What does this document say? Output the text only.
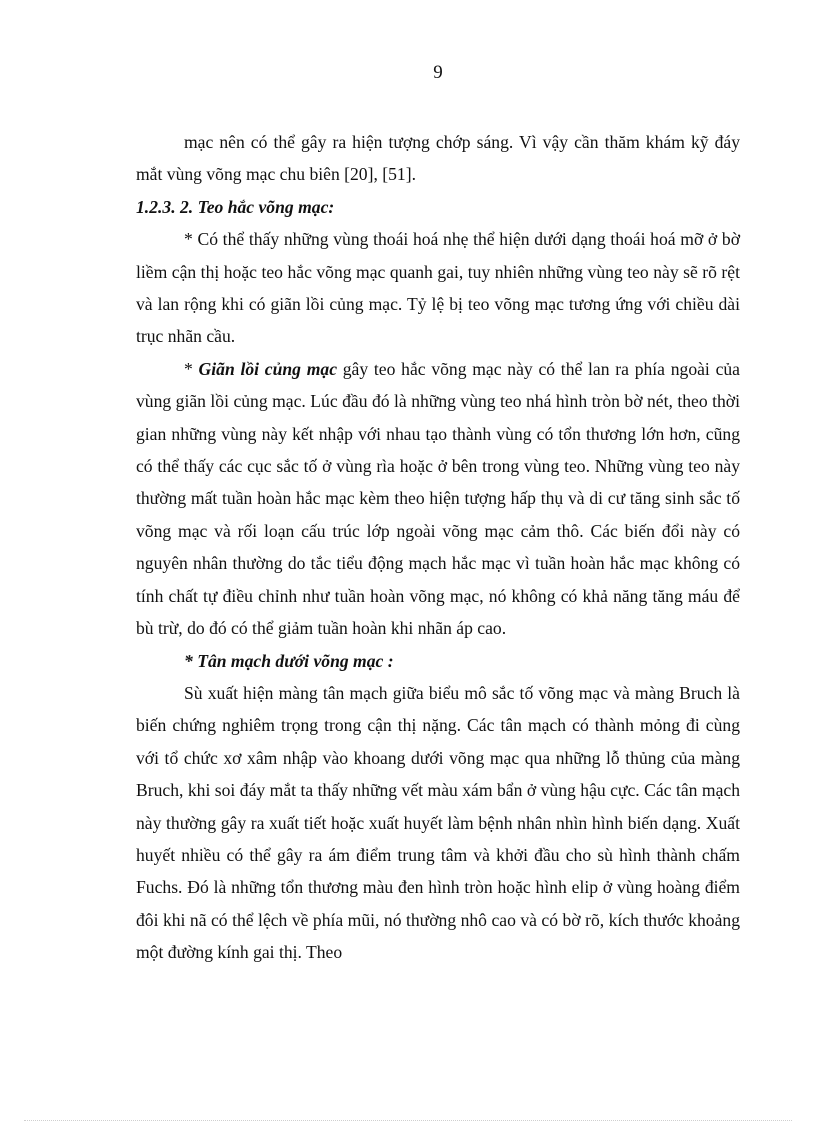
9

mạc nên có thể gây ra hiện tượng chớp sáng. Vì vậy cần thăm khám kỹ đáy mắt vùng võng mạc chu biên [20], [51].

1.2.3. 2. Teo hắc võng mạc:

* Có thể thấy những vùng thoái hoá nhẹ thể hiện dưới dạng thoái hoá mỡ ở bờ liềm cận thị hoặc teo hắc võng mạc quanh gai, tuy nhiên những vùng teo này sẽ rõ rệt và lan rộng khi có giãn lồi củng mạc. Tỷ lệ bị teo võng mạc tương ứng với chiều dài trục nhãn cầu.

* Giãn lồi củng mạc gây teo hắc võng mạc này có thể lan ra phía ngoài của vùng giãn lồi củng mạc. Lúc đầu đó là những vùng teo nhá hình tròn bờ nét, theo thời gian những vùng này kết nhập với nhau tạo thành vùng có tổn thương lớn hơn, cũng có thể thấy các cục sắc tố ở vùng rìa hoặc ở bên trong vùng teo. Những vùng teo này thường mất tuần hoàn hắc mạc kèm theo hiện tượng hấp thụ và di cư tăng sinh sắc tố võng mạc và rối loạn cấu trúc lớp ngoài võng mạc cảm thô. Các biến đổi này có nguyên nhân thường do tắc tiểu động mạch hắc mạc vì tuần hoàn hắc mạc không có tính chất tự điều chỉnh như tuần hoàn võng mạc, nó không có khả năng tăng máu để bù trừ, do đó có thể giảm tuần hoàn khi nhãn áp cao.

* Tân mạch dưới võng mạc :

Sù xuất hiện màng tân mạch giữa biểu mô sắc tố võng mạc và màng Bruch là biến chứng nghiêm trọng trong cận thị nặng. Các tân mạch có thành mỏng đi cùng với tổ chức xơ xâm nhập vào khoang dưới võng mạc qua những lỗ thủng của màng Bruch, khi soi đáy mắt ta thấy những vết màu xám bẩn ở vùng hậu cực. Các tân mạch này thường gây ra xuất tiết hoặc xuất huyết làm bệnh nhân nhìn hình biến dạng. Xuất huyết nhiều có thể gây ra ám điểm trung tâm và khởi đầu cho sù hình thành chấm Fuchs. Đó là những tổn thương màu đen hình tròn hoặc hình elip ở vùng hoàng điểm đôi khi nã có thể lệch về phía mũi, nó thường nhô cao và có bờ rõ, kích thước khoảng một đường kính gai thị. Theo
